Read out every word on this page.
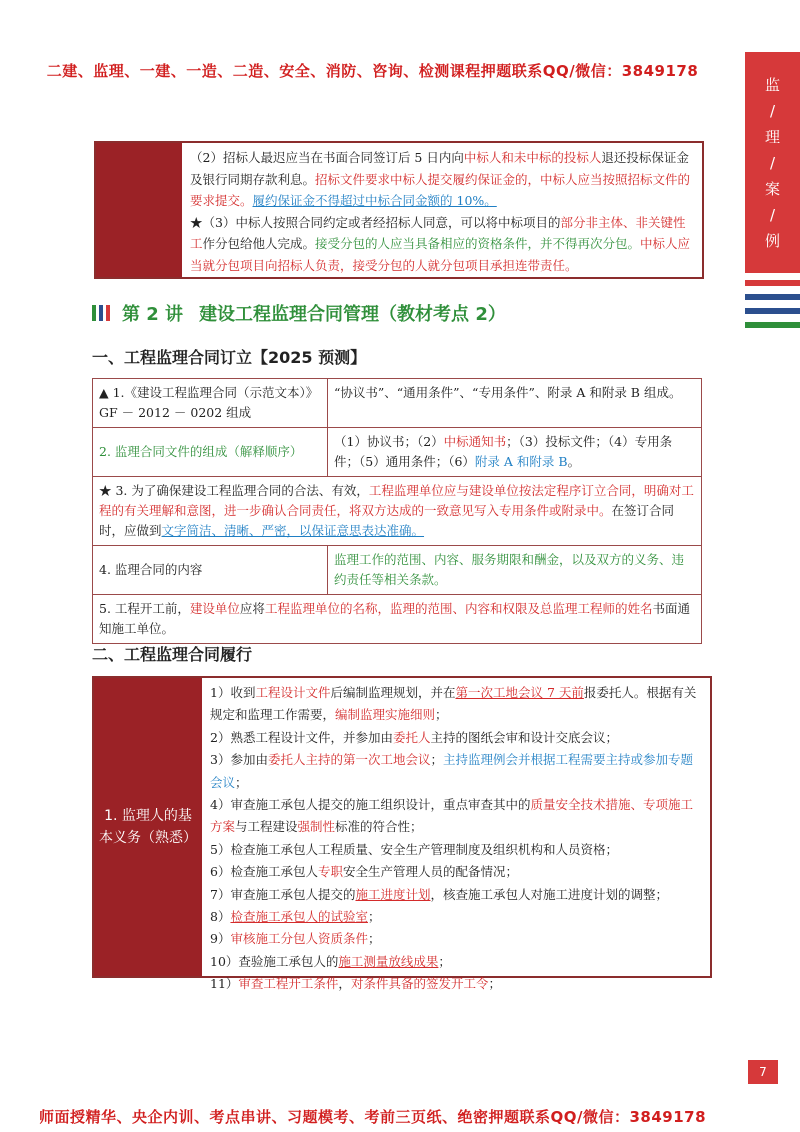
二建、监理、一建、一造、二造、安全、消防、咨询、检测课程押题联系QQ/微信：3849178
监
/
理
/
案
/
例
（2）招标人最迟应当在书面合同签订后 5 日内向中标人和未中标的投标人退还投标保证金及银行同期存款利息。招标文件要求中标人提交履约保证金的，中标人应当按照招标文件的要求提交。履约保证金不得超过中标合同金额的 10%。
★（3）中标人按照合同约定或者经招标人同意，可以将中标项目的部分非主体、非关键性工作分包给他人完成。接受分包的人应当具备相应的资格条件，并不得再次分包。中标人应当就分包项目向招标人负责，接受分包的人就分包项目承担连带责任。
第 2 讲 建设工程监理合同管理（教材考点 2）
一、工程监理合同订立【2025 预测】
▲ 1.《建设工程监理合同（示范文本）》GF － 2012 － 0202 组成	“协议书”、“通用条件”、“专用条件”、附录 A 和附录 B 组成。
2. 监理合同文件的组成（解释顺序）	（1）协议书；（2）中标通知书；（3）投标文件；（4）专用条件；（5）通用条件；（6）附录 A 和附录 B。
★ 3. 为了确保建设工程监理合同的合法、有效，工程监理单位应与建设单位按法定程序订立合同，明确对工程的有关理解和意图，进一步确认合同责任，将双方达成的一致意见写入专用条件或附录中。在签订合同时，应做到文字简洁、清晰、严密，以保证意思表达准确。	
4. 监理合同的内容	监理工作的范围、内容、服务期限和酬金，以及双方的义务、违约责任等相关条款。
5. 工程开工前，建设单位应将工程监理单位的名称，监理的范围、内容和权限及总监理工程师的姓名书面通知施工单位。	
二、工程监理合同履行
1. 监理人的基本义务（熟悉）
1）收到工程设计文件后编制监理规划，并在第一次工地会议 7 天前报委托人。根据有关规定和监理工作需要，编制监理实施细则；
2）熟悉工程设计文件，并参加由委托人主持的图纸会审和设计交底会议；
3）参加由委托人主持的第一次工地会议；主持监理例会并根据工程需要主持或参加专题会议；
4）审查施工承包人提交的施工组织设计，重点审查其中的质量安全技术措施、专项施工方案与工程建设强制性标准的符合性；
5）检查施工承包人工程质量、安全生产管理制度及组织机构和人员资格；
6）检查施工承包人专职安全生产管理人员的配备情况；
7）审查施工承包人提交的施工进度计划，核查施工承包人对施工进度计划的调整；
8）检查施工承包人的试验室；
9）审核施工分包人资质条件；
10）查验施工承包人的施工测量放线成果；
11）审查工程开工条件，对条件具备的签发开工令；
7
师面授精华、央企内训、考点串讲、习题模考、考前三页纸、绝密押题联系QQ/微信：3849178
